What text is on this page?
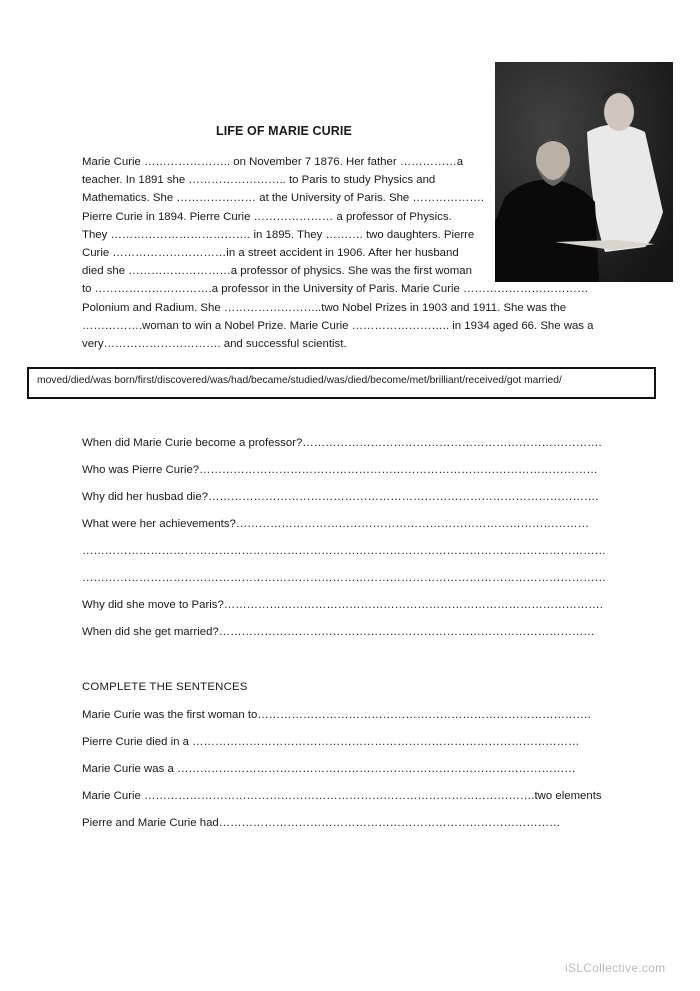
LIFE OF MARIE CURIE
Marie Curie ………………….. on November 7 1876. Her father ……………a
teacher. In 1891 she …………………….. to Paris to study Physics and
Mathematics. She ………………… at the University of Paris. She ……………….
Pierre Curie in 1894. Pierre Curie ………………… a professor of Physics.
They ………………………………. in 1895. They ………. two daughters. Pierre
Curie …………………………in a street accident in 1906. After her husband
died she ………………………a professor of physics. She was the first woman
to ………………………….a professor in the University of Paris. Marie Curie ……………………………
Polonium and Radium. She ……………………..two Nobel Prizes in 1903 and 1911. She was the
…………….woman to win a Nobel Prize. Marie Curie …………………….. in 1934 aged 66. She was a
very…………………………. and successful scientist.
moved/died/was born/first/discovered/was/had/became/studied/was/died/become/met/brilliant/received/got married/
When did Marie Curie become a professor?…………………………………………………………………….
Who was Pierre Curie?……………………………………………………………………………………………
Why did her husbad die?………………………………………………………………………………………….
What were her achievements?…………………………………………………………………………………
…………………………………………………………………………………………………………………………
…………………………………………………………………………………………………………………………
Why did she move to Paris?……………………………………………………………………………………….
When did she get married?………………………………………………………………………………………
COMPLETE THE SENTENCES
Marie Curie was the first woman to…………………………………………………………………………….
Pierre Curie died in a …………………………………………………………………………………………
Marie Curie was a ……………………………………………………………………………………………
Marie Curie ………………………………………………………………………………………….two elements
Pierre and Marie Curie had………………………………………………………………………………
iSLCollective.com
